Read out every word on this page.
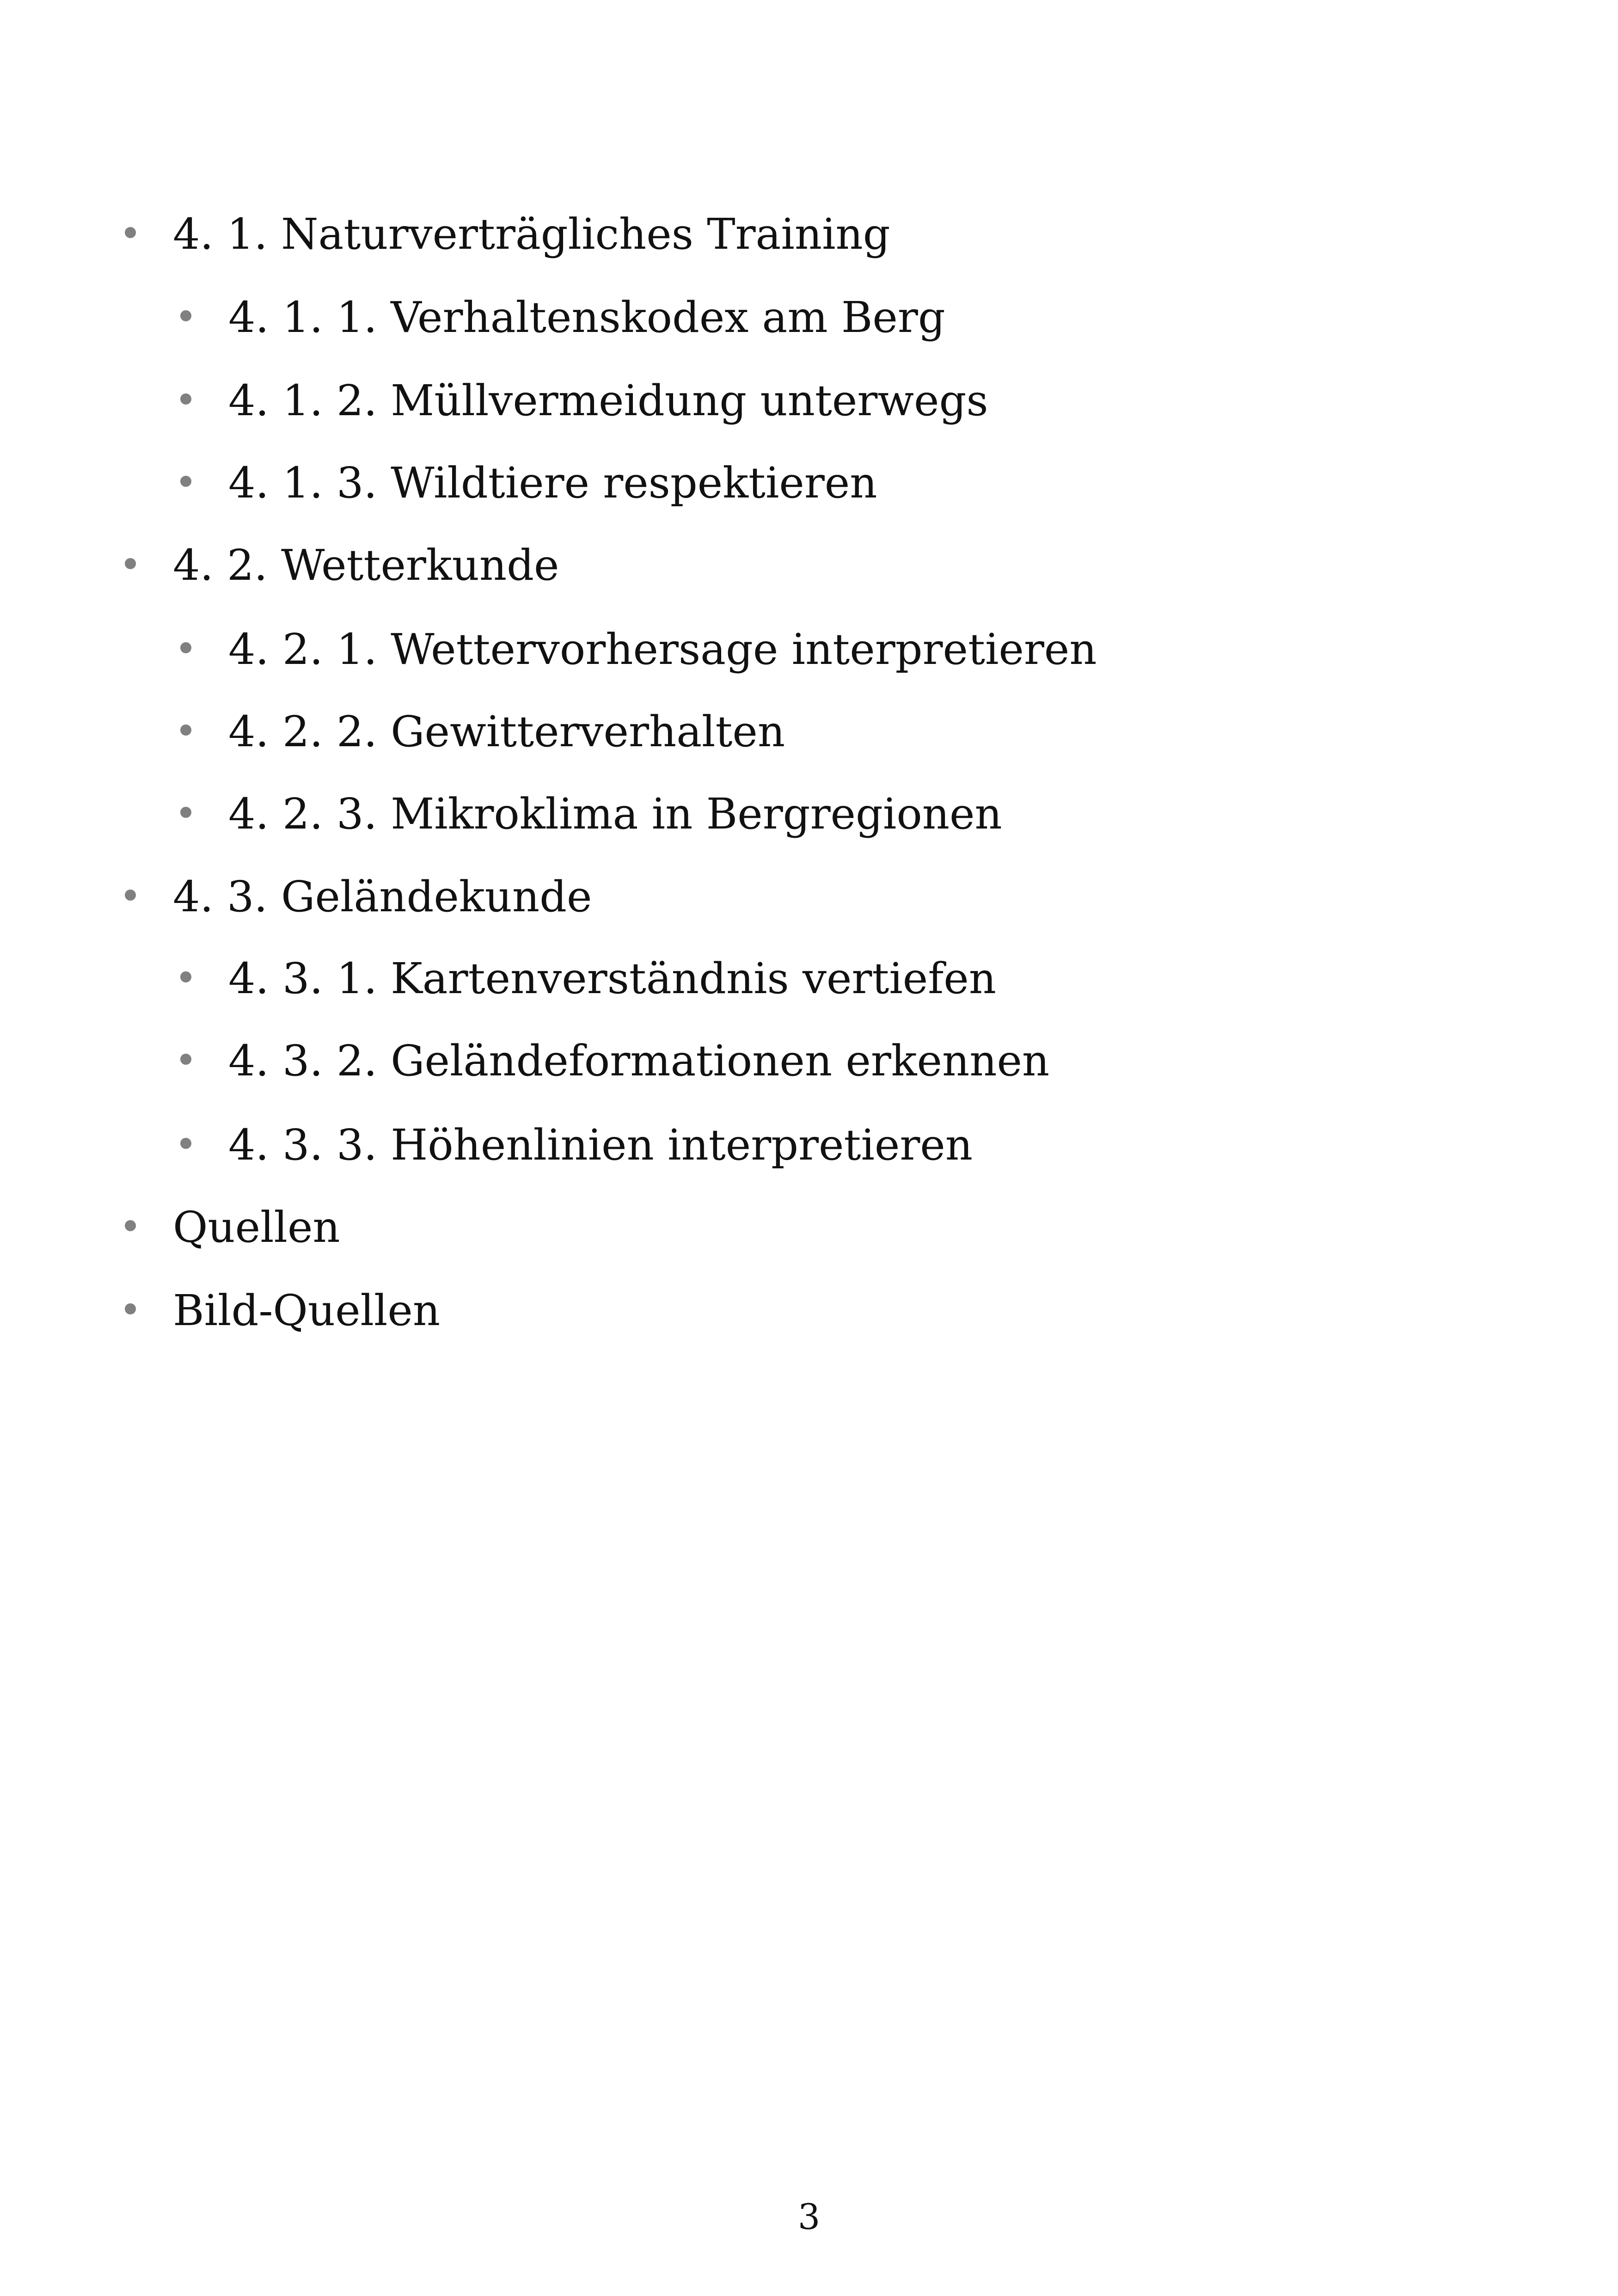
4. 1. Naturverträgliches Training
4. 1. 1. Verhaltenskodex am Berg
4. 1. 2. Müllvermeidung unterwegs
4. 1. 3. Wildtiere respektieren
4. 2. Wetterkunde
4. 2. 1. Wettervorhersage interpretieren
4. 2. 2. Gewitterverhalten
4. 2. 3. Mikroklima in Bergregionen
4. 3. Geländekunde
4. 3. 1. Kartenverständnis vertiefen
4. 3. 2. Geländeformationen erkennen
4. 3. 3. Höhenlinien interpretieren
Quellen
Bild-Quellen
3
